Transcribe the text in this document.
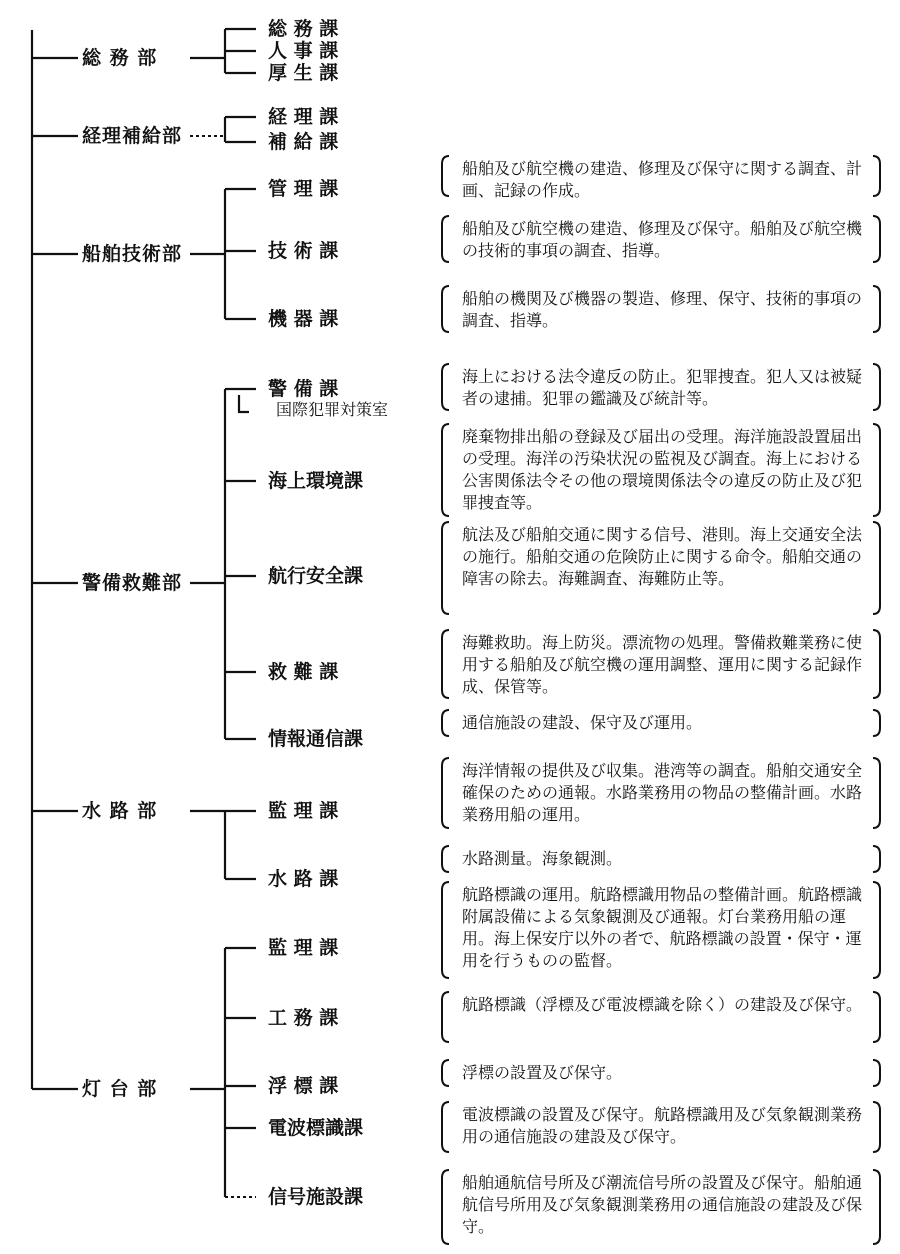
総 務 部
総 務 課
人 事 課
厚 生 課
経理補給部
経 理 課
補 給 課
船舶技術部
管 理 課
船舶及び航空機の建造、修理及び保守に関する調査、計画、記録の作成。
技 術 課
船舶及び航空機の建造、修理及び保守。船舶及び航空機の技術的事項の調査、指導。
機 器 課
船舶の機関及び機器の製造、修理、保守、技術的事項の調査、指導。
警備救難部
警 備 課
国際犯罪対策室
海上における法令違反の防止。犯罪捜査。犯人又は被疑者の逮捕。犯罪の鑑識及び統計等。
海上環境課
廃棄物排出船の登録及び届出の受理。海洋施設設置届出の受理。海洋の汚染状況の監視及び調査。海上における公害関係法令その他の環境関係法令の違反の防止及び犯罪捜査等。
航行安全課
航法及び船舶交通に関する信号、港則。海上交通安全法の施行。船舶交通の危険防止に関する命令。船舶交通の障害の除去。海難調査、海難防止等。
救 難 課
海難救助。海上防災。漂流物の処理。警備救難業務に使用する船舶及び航空機の運用調整、運用に関する記録作成、保管等。
情報通信課
通信施設の建設、保守及び運用。
水 路 部	監 理 課
海洋情報の提供及び収集。港湾等の調査。船舶交通安全確保のための通報。水路業務用の物品の整備計画。水路業務用船の運用。
水 路 課
水路測量。海象観測。
灯 台 部
監 理 課
航路標識の運用。航路標識用物品の整備計画。航路標識附属設備による気象観測及び通報。灯台業務用船の運用。海上保安庁以外の者で、航路標識の設置・保守・運用を行うものの監督。
工 務 課
航路標識（浮標及び電波標識を除く）の建設及び保守。
浮 標 課
浮標の設置及び保守。
電波標識課
電波標識の設置及び保守。航路標識用及び気象観測業務用の通信施設の建設及び保守。
信号施設課
船舶通航信号所及び潮流信号所の設置及び保守。船舶通航信号所用及び気象観測業務用の通信施設の建設及び保守。
